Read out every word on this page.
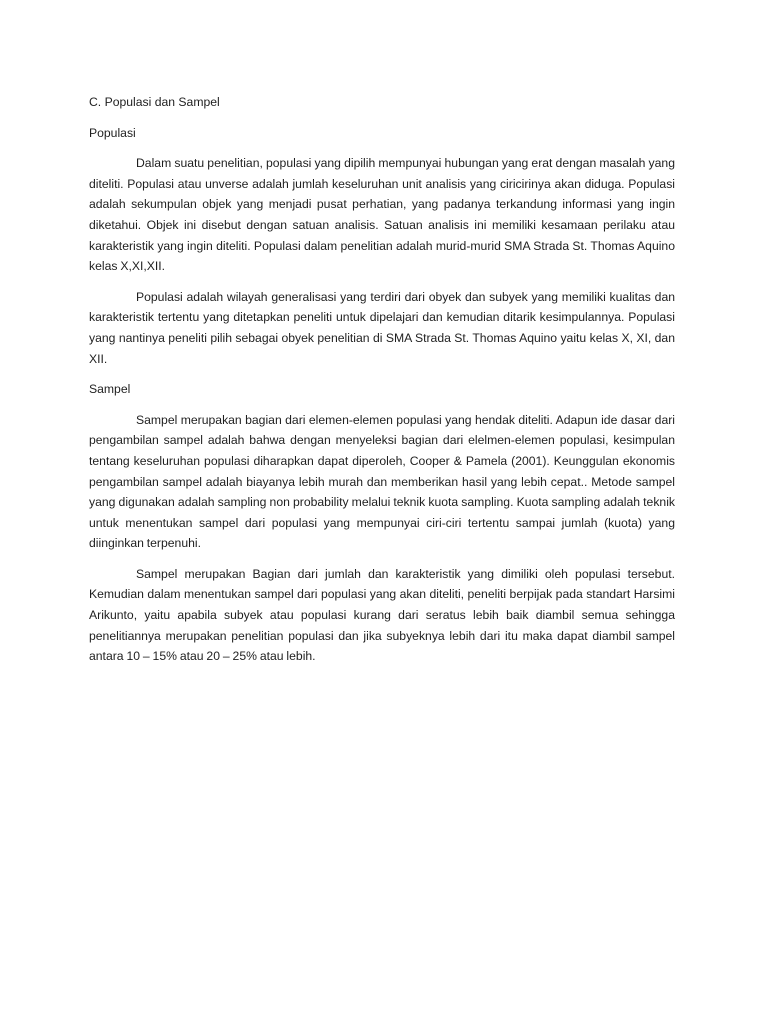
C. Populasi dan Sampel

Populasi

Dalam suatu penelitian, populasi yang dipilih mempunyai hubungan yang erat dengan masalah yang diteliti. Populasi atau unverse adalah jumlah keseluruhan unit analisis yang ciricirinya akan diduga. Populasi adalah sekumpulan objek yang menjadi pusat perhatian, yang padanya terkandung informasi yang ingin diketahui. Objek ini disebut dengan satuan analisis. Satuan analisis ini memiliki kesamaan perilaku atau karakteristik yang ingin diteliti. Populasi dalam penelitian adalah murid-murid SMA Strada St. Thomas Aquino kelas X,XI,XII.

Populasi adalah wilayah generalisasi yang terdiri dari obyek dan subyek yang memiliki kualitas dan karakteristik tertentu yang ditetapkan peneliti untuk dipelajari dan kemudian ditarik kesimpulannya. Populasi yang nantinya peneliti pilih sebagai obyek penelitian di SMA Strada St. Thomas Aquino yaitu kelas X, XI, dan XII.

Sampel

Sampel merupakan bagian dari elemen-elemen populasi yang hendak diteliti. Adapun ide dasar dari pengambilan sampel adalah bahwa dengan menyeleksi bagian dari elelmen-elemen populasi, kesimpulan tentang keseluruhan populasi diharapkan dapat diperoleh, Cooper & Pamela (2001). Keunggulan ekonomis pengambilan sampel adalah biayanya lebih murah dan memberikan hasil yang lebih cepat.. Metode sampel yang digunakan adalah sampling non probability melalui teknik kuota sampling. Kuota sampling adalah teknik untuk menentukan sampel dari populasi yang mempunyai ciri-ciri tertentu sampai jumlah (kuota) yang diinginkan terpenuhi.

Sampel merupakan Bagian dari jumlah dan karakteristik yang dimiliki oleh populasi tersebut. Kemudian dalam menentukan sampel dari populasi yang akan diteliti, peneliti berpijak pada standart Harsimi Arikunto, yaitu apabila subyek atau populasi kurang dari seratus lebih baik diambil semua sehingga penelitiannya merupakan penelitian populasi dan jika subyeknya lebih dari itu maka dapat diambil sampel antara 10 – 15% atau 20 – 25% atau lebih.
